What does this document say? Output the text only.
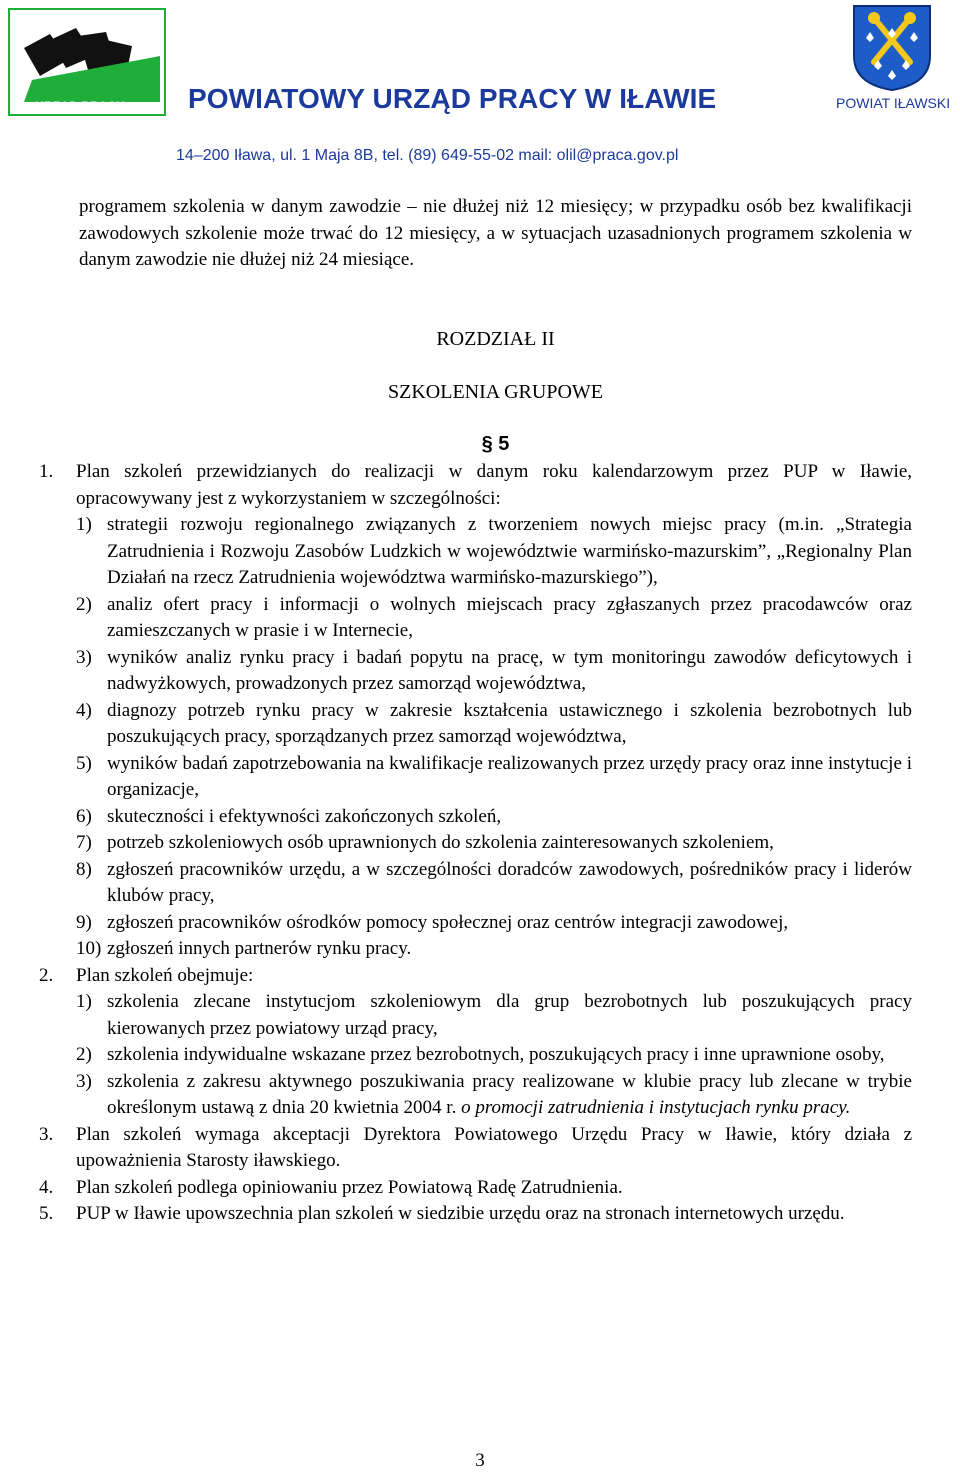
URZĄD PRACY POWIATOWY URZĄD PRACY W IŁAWIE	POWIAT IŁAWSKI
14–200 Iława, ul. 1 Maja 8B, tel. (89) 649-55-02 mail: olil@praca.gov.pl

programem szkolenia w danym zawodzie – nie dłużej niż 12 miesięcy; w przypadku osób bez kwalifikacji zawodowych szkolenie może trwać do 12 miesięcy, a w sytuacjach uzasadnionych programem szkolenia w danym zawodzie nie dłużej niż 24 miesiące.

ROZDZIAŁ II
SZKOLENIA GRUPOWE
§ 5
1. Plan szkoleń przewidzianych do realizacji w danym roku kalendarzowym przez PUP w Iławie, opracowywany jest z wykorzystaniem w szczególności:
1) strategii rozwoju regionalnego związanych z tworzeniem nowych miejsc pracy (m.in. „Strategia Zatrudnienia i Rozwoju Zasobów Ludzkich w województwie warmińsko-mazurskim”, „Regionalny Plan Działań na rzecz Zatrudnienia województwa warmińsko-mazurskiego”),
2) analiz ofert pracy i informacji o wolnych miejscach pracy zgłaszanych przez pracodawców oraz zamieszczanych w prasie i w Internecie,
3) wyników analiz rynku pracy i badań popytu na pracę, w tym monitoringu zawodów deficytowych i nadwyżkowych, prowadzonych przez samorząd województwa,
4) diagnozy potrzeb rynku pracy w zakresie kształcenia ustawicznego i szkolenia bezrobotnych lub poszukujących pracy, sporządzanych przez samorząd województwa,
5) wyników badań zapotrzebowania na kwalifikacje realizowanych przez urzędy pracy oraz inne instytucje i organizacje,
6) skuteczności i efektywności zakończonych szkoleń,
7) potrzeb szkoleniowych osób uprawnionych do szkolenia zainteresowanych szkoleniem,
8) zgłoszeń pracowników urzędu, a w szczególności doradców zawodowych, pośredników pracy i liderów klubów pracy,
9) zgłoszeń pracowników ośrodków pomocy społecznej oraz centrów integracji zawodowej,
10) zgłoszeń innych partnerów rynku pracy.
2. Plan szkoleń obejmuje:
1) szkolenia zlecane instytucjom szkoleniowym dla grup bezrobotnych lub poszukujących pracy kierowanych przez powiatowy urząd pracy,
2) szkolenia indywidualne wskazane przez bezrobotnych, poszukujących pracy i inne uprawnione osoby,
3) szkolenia z zakresu aktywnego poszukiwania pracy realizowane w klubie pracy lub zlecane w trybie określonym ustawą z dnia 20 kwietnia 2004 r. o promocji zatrudnienia i instytucjach rynku pracy.
3. Plan szkoleń wymaga akceptacji Dyrektora Powiatowego Urzędu Pracy w Iławie, który działa z upoważnienia Starosty iławskiego.
4. Plan szkoleń podlega opiniowaniu przez Powiatową Radę Zatrudnienia.
5. PUP w Iławie upowszechnia plan szkoleń w siedzibie urzędu oraz na stronach internetowych urzędu.
3
